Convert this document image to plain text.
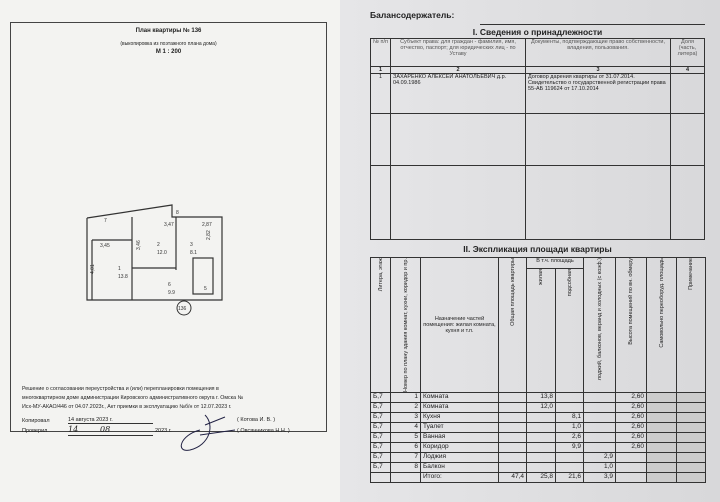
План квартиры № 136
(выкопировка из поэтажного плана дома)
М 1 : 200
7
8
3,47	2,87
3,45	3,46	2
12.0
3
8.1
2,82
4,01	1
13.8
6
9.9
5
136
Решение о согласовании переустройства и (или) перепланировки помещения в
многоквартирном доме администрации Кировского административного округа г. Омска №
Исх-МУ-АКАО/446 от 04.07.2023г., Акт приемки в эксплуатацию №б/н от 12.07.2023 г.
Копировал	14 августа 2023 г.	( Котова И. В. )
Проверил	14	08	2023 г.	( Овсянникова Н.Н. )
Балансодержатель:
I. Сведения о принадлежности
№ п/п	Субъект права: для граждан - фамилия, имя, отчество, паспорт; для юридических лиц - по Уставу	Документы, подтверждающие право собственности, владения, пользования.	Доля (часть, литера)
1	2	3	4
1	ЗАХАРЕНКО АЛЕКСЕЙ АНАТОЛЬЕВИЧ д.р. 04.09.1986	Договор дарения квартиры от 31.07.2014. Свидетельство о государственной регистрации права 55-АБ 119624 от 17.10.2014	

II. Экспликация площади квартиры
Литера, этаж	Номер по плану здания комнат, кухни, коридор и пр.	Назначение частей помещения: жилая комната, кухня и т.п.	Общая площадь квартиры	В т.ч. площадь		лоджий, балконов, веранд и холодных (с коэф.)	Высота помещений по вн. обмеру	Самовольно переоборуд. площадь	Примечание

				жилая	подсобная				

Б,7	1	Комната		13,8			2,60		
Б,7	2	Комната		12,0			2,60		
Б,7	3	Кухня			8,1		2,60		
Б,7	4	Туалет			1,0		2,60		
Б,7	5	Ванная			2,6		2,60		
Б,7	6	Коридор			9,9		2,60		
Б,7	7	Лоджия				2,9			
Б,7	8	Балкон				1,0			
		Итого:	47,4	25,8	21,6	3,9			
